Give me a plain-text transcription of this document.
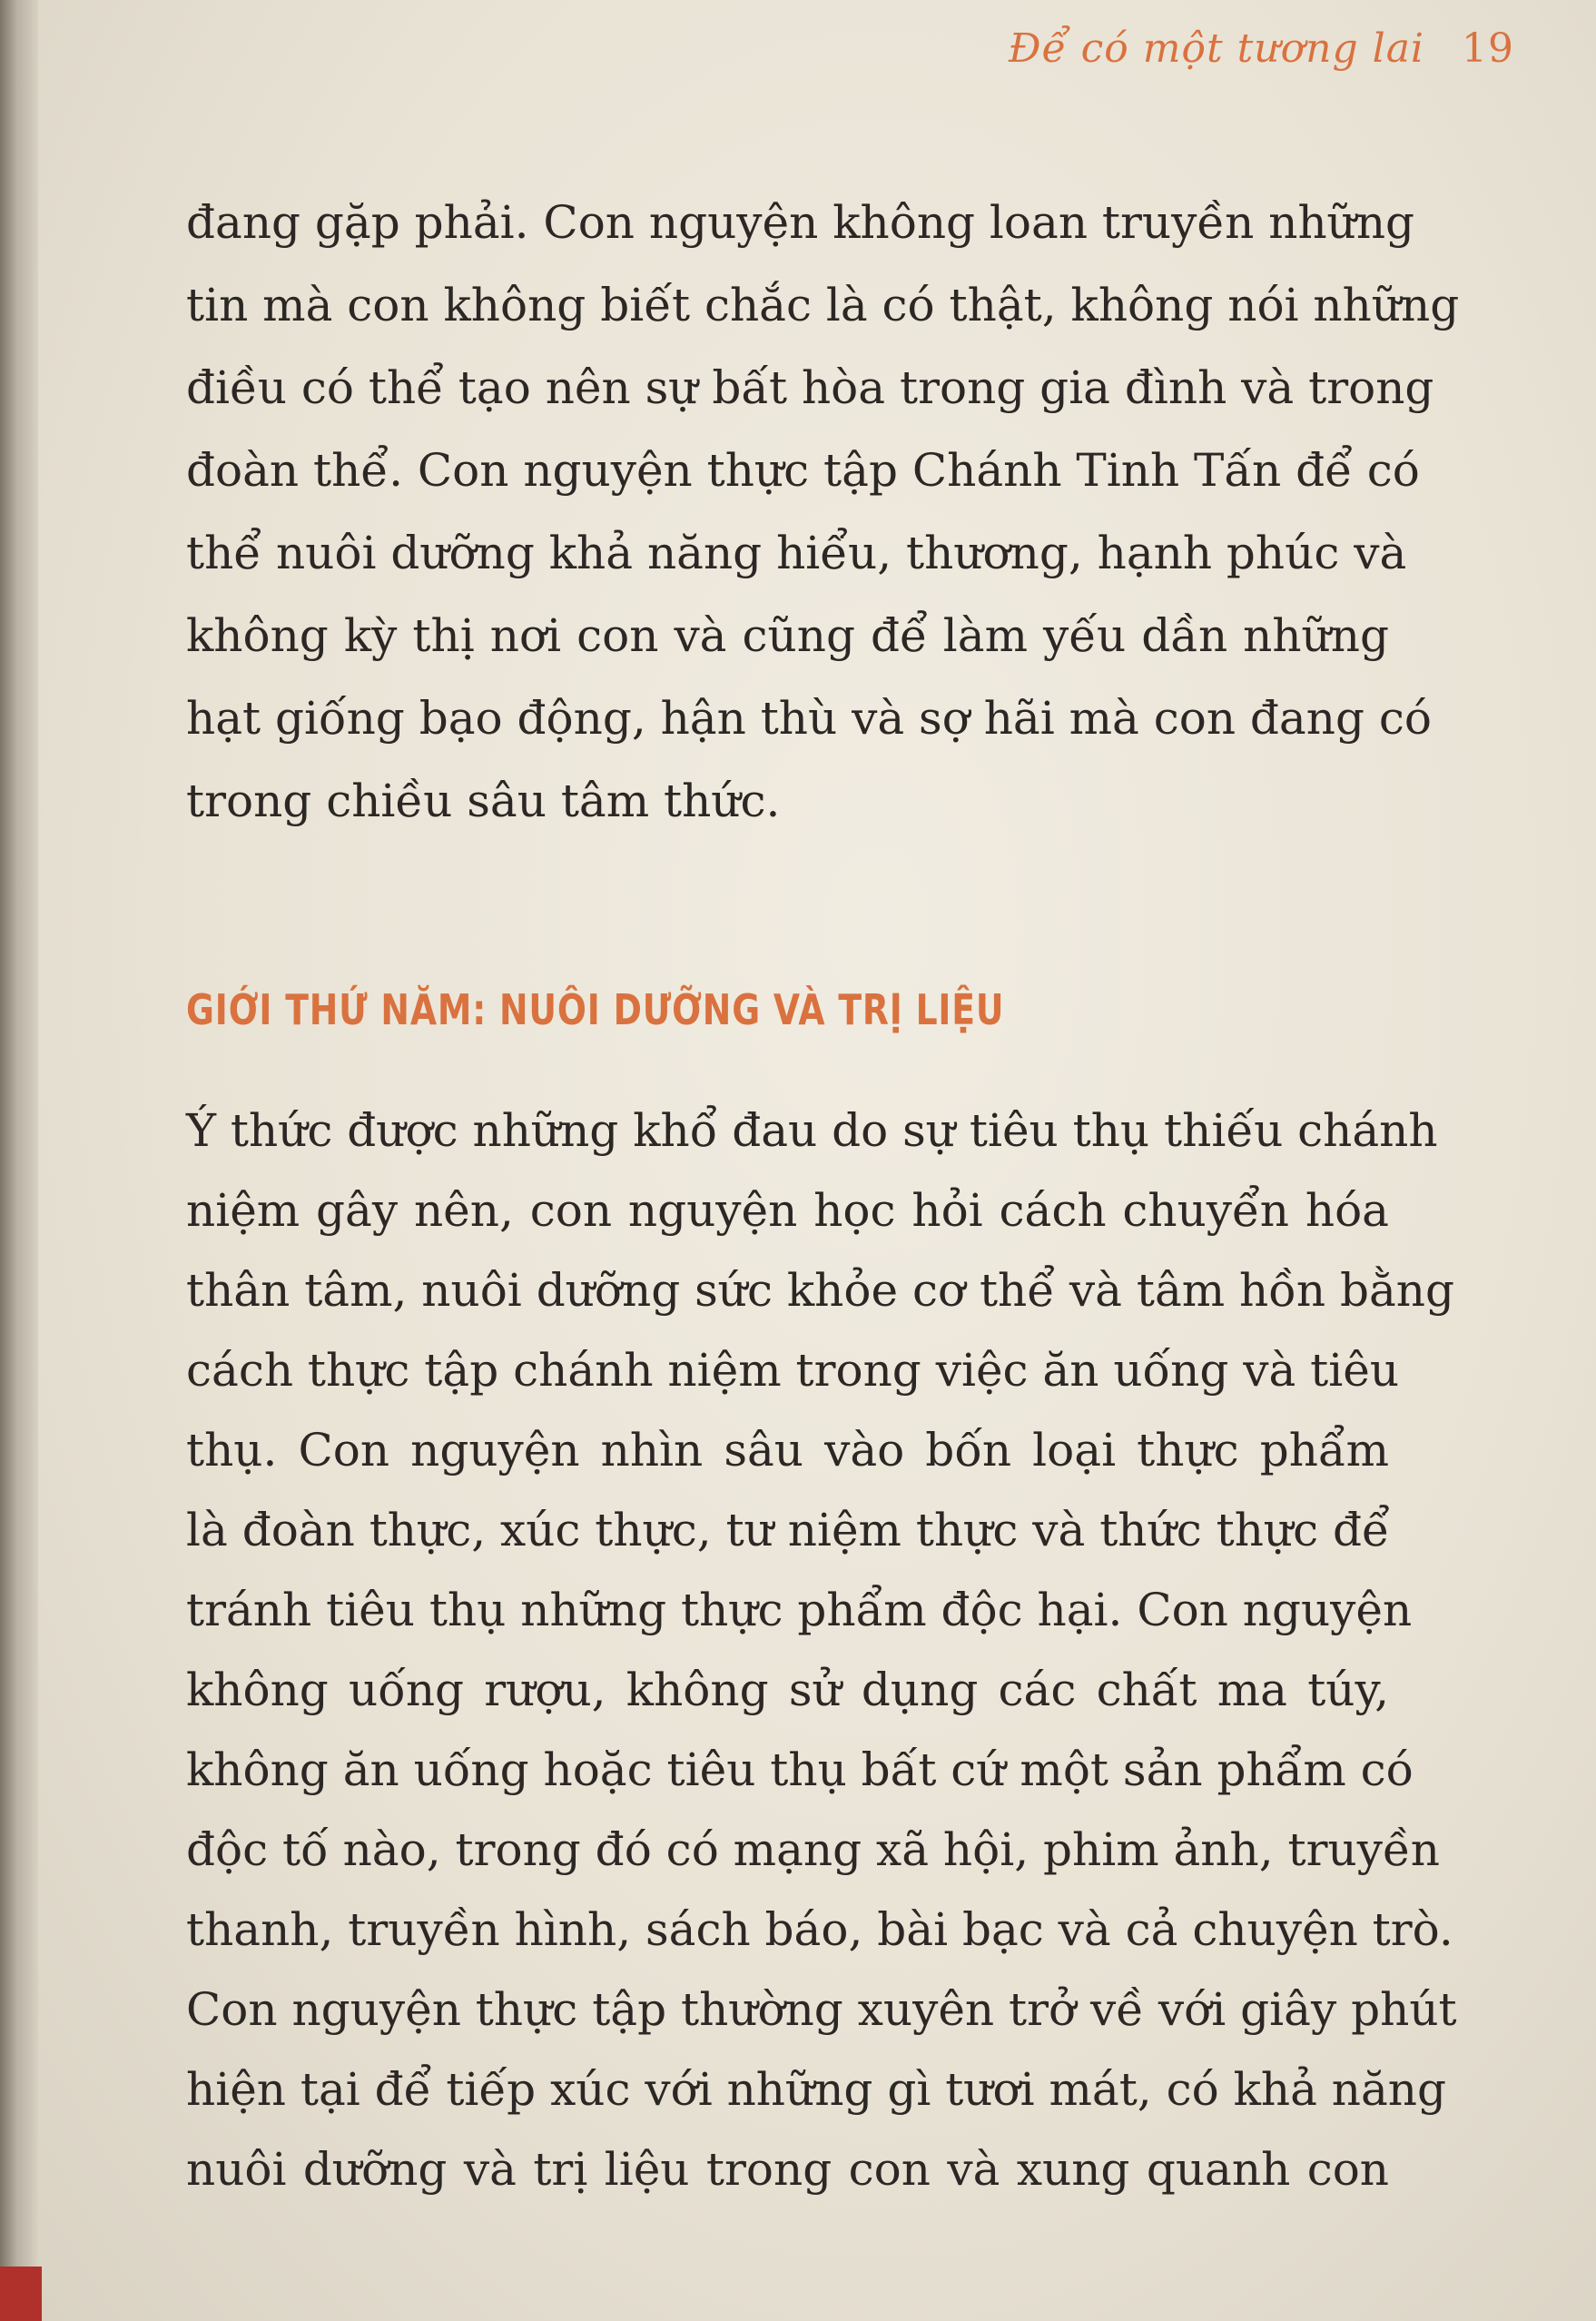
Để có một tương lai 19
đang gặp phải. Con nguyện không loan truyền những
tin mà con không biết chắc là có thật, không nói những
điều có thể tạo nên sự bất hòa trong gia đình và trong
đoàn thể. Con nguyện thực tập Chánh Tinh Tấn để có
thể nuôi dưỡng khả năng hiểu, thương, hạnh phúc và
không kỳ thị nơi con và cũng để làm yếu dần những
hạt giống bạo động, hận thù và sợ hãi mà con đang có
trong chiều sâu tâm thức.
GIỚI THỨ NĂM: NUÔI DƯỠNG VÀ TRỊ LIỆU
Ý thức được những khổ đau do sự tiêu thụ thiếu chánh
niệm gây nên, con nguyện học hỏi cách chuyển hóa
thân tâm, nuôi dưỡng sức khỏe cơ thể và tâm hồn bằng
cách thực tập chánh niệm trong việc ăn uống và tiêu
thụ. Con nguyện nhìn sâu vào bốn loại thực phẩm
là đoàn thực, xúc thực, tư niệm thực và thức thực để
tránh tiêu thụ những thực phẩm độc hại. Con nguyện
không uống rượu, không sử dụng các chất ma túy,
không ăn uống hoặc tiêu thụ bất cứ một sản phẩm có
độc tố nào, trong đó có mạng xã hội, phim ảnh, truyền
thanh, truyền hình, sách báo, bài bạc và cả chuyện trò.
Con nguyện thực tập thường xuyên trở về với giây phút
hiện tại để tiếp xúc với những gì tươi mát, có khả năng
nuôi dưỡng và trị liệu trong con và xung quanh con
